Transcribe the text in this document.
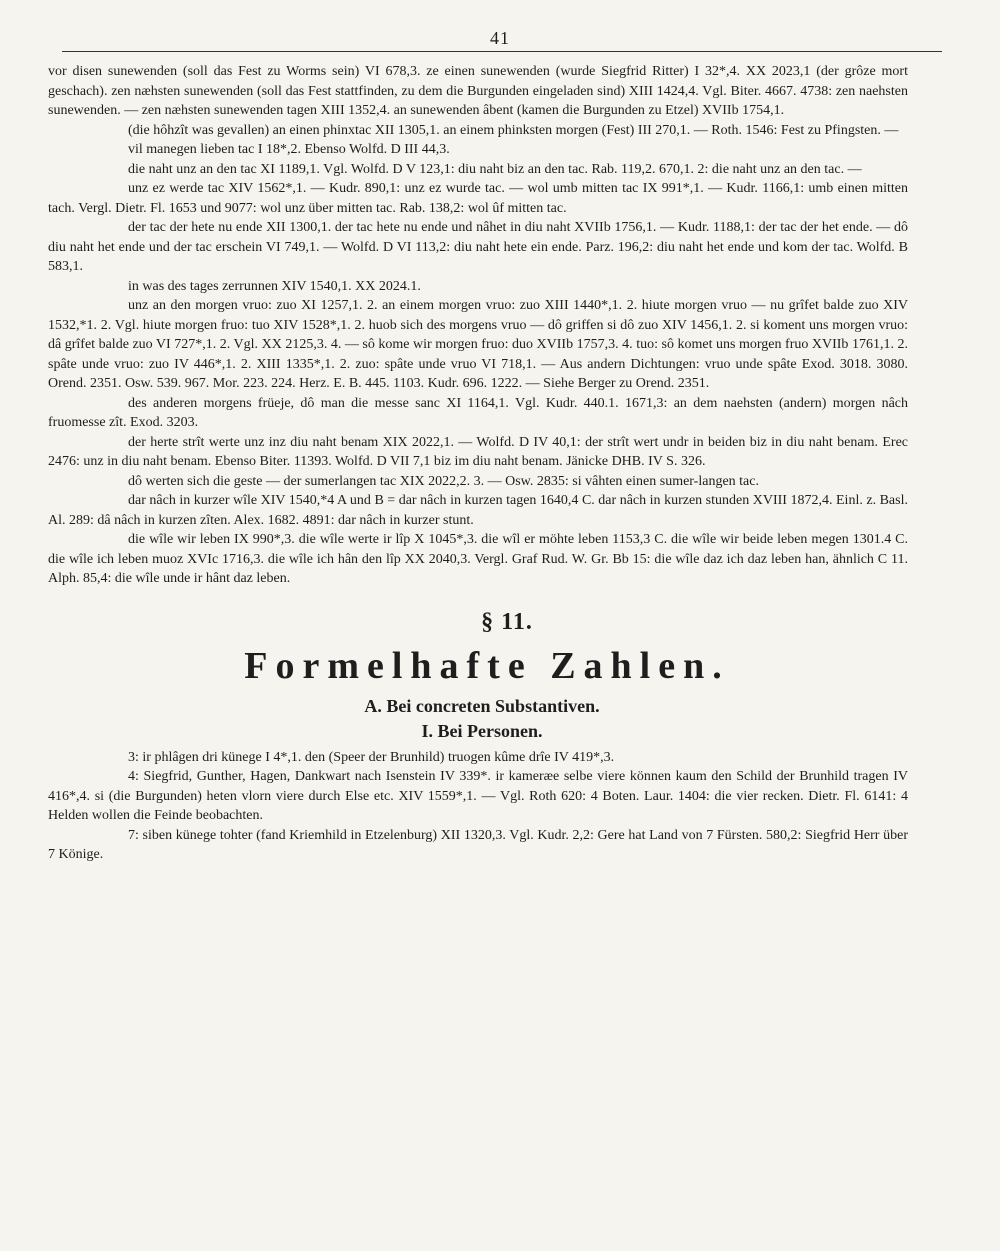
41

vor disen sunewenden (soll das Fest zu Worms sein) VI 678,3. ze einen sunewenden (wurde Siegfrid Ritter) I 32*,4. XX 2023,1 (der grôze mort geschach). zen næhsten sunewenden (soll das Fest stattfinden, zu dem die Burgunden eingeladen sind) XIII 1424,4. Vgl. Biter. 4667. 4738: zen naehsten sunewenden. — zen næhsten sunewenden tagen XIII 1352,4. an sunewenden âbent (kamen die Burgunden zu Etzel) XVIIb 1754,1.

(die hôhzît was gevallen) an einen phinxtac XII 1305,1. an einem phinksten morgen (Fest) III 270,1. — Roth. 1546: Fest zu Pfingsten. —

vil manegen lieben tac I 18*,2. Ebenso Wolfd. D III 44,3.

die naht unz an den tac XI 1189,1. Vgl. Wolfd. D V 123,1: diu naht biz an den tac. Rab. 119,2. 670,1. 2: die naht unz an den tac. —

unz ez werde tac XIV 1562*,1. — Kudr. 890,1: unz ez wurde tac. — wol umb mitten tac IX 991*,1. — Kudr. 1166,1: umb einen mitten tach. Vergl. Dietr. Fl. 1653 und 9077: wol unz über mitten tac. Rab. 138,2: wol ûf mitten tac.

der tac der hete nu ende XII 1300,1. der tac hete nu ende und nâhet in diu naht XVIIb 1756,1. — Kudr. 1188,1: der tac der het ende. — dô diu naht het ende und der tac erschein VI 749,1. — Wolfd. D VI 113,2: diu naht hete ein ende. Parz. 196,2: diu naht het ende und kom der tac. Wolfd. B 583,1.

in was des tages zerrunnen XIV 1540,1. XX 2024.1.

unz an den morgen vruo: zuo XI 1257,1. 2. an einem morgen vruo: zuo XIII 1440*,1. 2. hiute morgen vruo — nu grîfet balde zuo XIV 1532,*1. 2. Vgl. hiute morgen fruo: tuo XIV 1528*,1. 2. huob sich des morgens vruo — dô griffen si dô zuo XIV 1456,1. 2. si koment uns morgen vruo: dâ grîfet balde zuo VI 727*,1. 2. Vgl. XX 2125,3. 4. — sô kome wir morgen fruo: duo XVIIb 1757,3. 4. tuo: sô komet uns morgen fruo XVIIb 1761,1. 2. spâte unde vruo: zuo IV 446*,1. 2. XIII 1335*,1. 2. zuo: spâte unde vruo VI 718,1. — Aus andern Dichtungen: vruo unde spâte Exod. 3018. 3080. Orend. 2351. Osw. 539. 967. Mor. 223. 224. Herz. E. B. 445. 1103. Kudr. 696. 1222. — Siehe Berger zu Orend. 2351.

des anderen morgens früeje, dô man die messe sanc XI 1164,1. Vgl. Kudr. 440.1. 1671,3: an dem naehsten (andern) morgen nâch fruomesse zît. Exod. 3203.

der herte strît werte unz inz diu naht benam XIX 2022,1. — Wolfd. D IV 40,1: der strît wert undr in beiden biz in diu naht benam. Erec 2476: unz in diu naht benam. Ebenso Biter. 11393. Wolfd. D VII 7,1 biz im diu naht benam. Jänicke DHB. IV S. 326.

dô werten sich die geste — der sumerlangen tac XIX 2022,2. 3. — Osw. 2835: si vâhten einen sumer-langen tac.

dar nâch in kurzer wîle XIV 1540,*4 A und B = dar nâch in kurzen tagen 1640,4 C. dar nâch in kurzen stunden XVIII 1872,4. Einl. z. Basl. Al. 289: dâ nâch in kurzen zîten. Alex. 1682. 4891: dar nâch in kurzer stunt.

die wîle wir leben IX 990*,3. die wîle werte ir lîp X 1045*,3. die wîl er möhte leben 1153,3 C. die wîle wir beide leben megen 1301.4 C. die wîle ich leben muoz XVIc 1716,3. die wîle ich hân den lîp XX 2040,3. Vergl. Graf Rud. W. Gr. Bb 15: die wîle daz ich daz leben han, ähnlich C 11. Alph. 85,4: die wîle unde ir hânt daz leben.

§ 11.
Formelhafte Zahlen.
A. Bei concreten Substantiven.
I. Bei Personen.

3: ir phlâgen dri künege I 4*,1. den (Speer der Brunhild) truogen kûme drîe IV 419*,3.

4: Siegfrid, Gunther, Hagen, Dankwart nach Isenstein IV 339*. ir kameræe selbe viere können kaum den Schild der Brunhild tragen IV 416*,4. si (die Burgunden) heten vlorn viere durch Else etc. XIV 1559*,1. — Vgl. Roth 620: 4 Boten. Laur. 1404: die vier recken. Dietr. Fl. 6141: 4 Helden wollen die Feinde beobachten.

7: siben künege tohter (fand Kriemhild in Etzelenburg) XII 1320,3. Vgl. Kudr. 2,2: Gere hat Land von 7 Fürsten. 580,2: Siegfrid Herr über 7 Könige.
